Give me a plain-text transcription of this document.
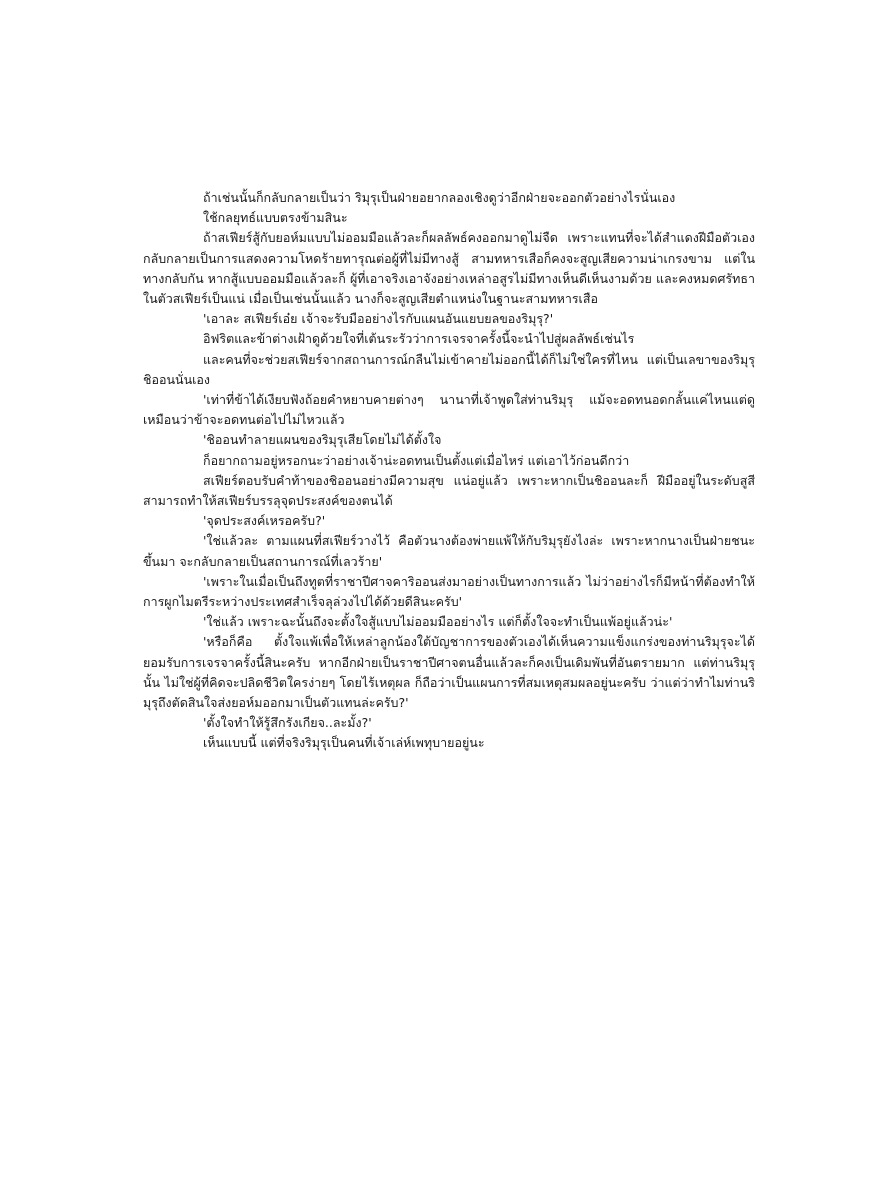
ถ้าเช่นนั้นก็กลับกลายเป็นว่า ริมุรุเป็นฝ่ายอยากลองเชิงดูว่าอีกฝ่ายจะออกตัวอย่างไรนั่นเอง

ใช้กลยุทธ์แบบตรงข้ามสินะ

ถ้าสเฟียร์สู้กับยอห์มแบบไม่ออมมือแล้วละก็ผลลัพธ์คงออกมาดูไม่จืด เพราะแทนที่จะได้สำแดงฝีมือตัวเอง กลับกลายเป็นการแสดงความโหดร้ายทารุณต่อผู้ที่ไม่มีทางสู้ สามทหารเสือก็คงจะสูญเสียความน่าเกรงขาม แต่ในทางกลับกัน หากสู้แบบออมมือแล้วละก็ ผู้ที่เอาจริงเอาจังอย่างเหล่าอสูรไม่มีทางเห็นดีเห็นงามด้วย และคงหมดศรัทธาในตัวสเฟียร์เป็นแน่ เมื่อเป็นเช่นนั้นแล้ว นางก็จะสูญเสียตำแหน่งในฐานะสามทหารเสือ

'เอาละ สเฟียร์เอ๋ย เจ้าจะรับมืออย่างไรกับแผนอันแยบยลของริมุรุ?'

อิฟริตและข้าต่างเฝ้าดูด้วยใจที่เต้นระรัวว่าการเจรจาครั้งนี้จะนำไปสู่ผลลัพธ์เช่นไร

และคนที่จะช่วยสเฟียร์จากสถานการณ์กลืนไม่เข้าคายไม่ออกนี้ได้ก็ไม่ใช่ใครที่ไหน แต่เป็นเลขาของริมุรุ ชิออนนั่นเอง

'เท่าที่ข้าได้เงียบฟังถ้อยคำหยาบคายต่างๆ นานาที่เจ้าพูดใส่ท่านริมุรุ แม้จะอดทนอดกลั้นแค่ไหนแต่ดูเหมือนว่าข้าจะอดทนต่อไปไม่ไหวแล้ว

'ชิออนทำลายแผนของริมุรุเสียโดยไม่ได้ตั้งใจ

ก็อยากถามอยู่หรอกนะว่าอย่างเจ้าน่ะอดทนเป็นตั้งแต่เมื่อไหร่ แต่เอาไว้ก่อนดีกว่า

สเฟียร์ตอบรับคำท้าของชิออนอย่างมีความสุข แน่อยู่แล้ว เพราะหากเป็นชิออนละก็ ฝีมืออยู่ในระดับสูสี สามารถทำให้สเฟียร์บรรลุจุดประสงค์ของตนได้

'จุดประสงค์เหรอครับ?'

'ใช่แล้วละ ตามแผนที่สเฟียร์วางไว้ คือตัวนางต้องพ่ายแพ้ให้กับริมุรุยังไงล่ะ เพราะหากนางเป็นฝ่ายชนะขึ้นมา จะกลับกลายเป็นสถานการณ์ที่เลวร้าย'

'เพราะในเมื่อเป็นถึงทูตที่ราชาปีศาจคาริออนส่งมาอย่างเป็นทางการแล้ว ไม่ว่าอย่างไรก็มีหน้าที่ต้องทำให้การผูกไมตรีระหว่างประเทศสำเร็จลุล่วงไปได้ด้วยดีสินะครับ'

'ใช่แล้ว เพราะฉะนั้นถึงจะตั้งใจสู้แบบไม่ออมมืออย่างไร แต่ก็ตั้งใจจะทำเป็นแพ้อยู่แล้วน่ะ'

'หรือก็คือ ตั้งใจแพ้เพื่อให้เหล่าลูกน้องใต้บัญชาการของตัวเองได้เห็นความแข็งแกร่งของท่านริมุรุจะได้ยอมรับการเจรจาครั้งนี้สินะครับ หากอีกฝ่ายเป็นราชาปีศาจตนอื่นแล้วละก็คงเป็นเดิมพันที่อันตรายมาก แต่ท่านริมุรุนั้น ไม่ใช่ผู้ที่คิดจะปลิดชีวิตใครง่ายๆ โดยไร้เหตุผล ก็ถือว่าเป็นแผนการที่สมเหตุสมผลอยู่นะครับ ว่าแต่ว่าทำไมท่านริมุรุถึงตัดสินใจส่งยอห์มออกมาเป็นตัวแทนล่ะครับ?'

'ตั้งใจทำให้รู้สึกรังเกียจ..ละมั้ง?'

เห็นแบบนี้ แต่ที่จริงริมุรุเป็นคนที่เจ้าเล่ห์เพทุบายอยู่นะ
